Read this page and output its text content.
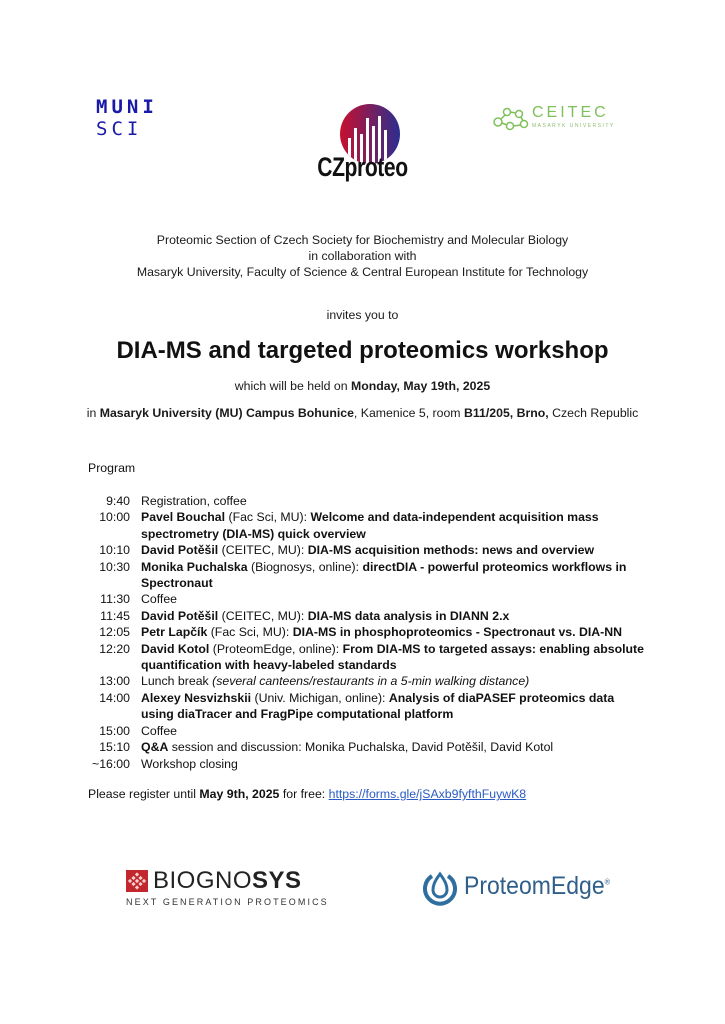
MUNI
SCI
CZproteo
CEITEC
MASARYK UNIVERSITY
Proteomic Section of Czech Society for Biochemistry and Molecular Biology
in collaboration with
Masaryk University, Faculty of Science & Central European Institute for Technology
invites you to
DIA-MS and targeted proteomics workshop
which will be held on Monday, May 19th, 2025
in Masaryk University (MU) Campus Bohunice, Kamenice 5, room B11/205, Brno, Czech Republic
Program
9:40 Registration, coffee
10:00 Pavel Bouchal (Fac Sci, MU): Welcome and data-independent acquisition mass spectrometry (DIA-MS) quick overview
10:10 David Potěšil (CEITEC, MU): DIA-MS acquisition methods: news and overview
10:30 Monika Puchalska (Biognosys, online): directDIA - powerful proteomics workflows in Spectronaut
11:30 Coffee
11:45 David Potěšil (CEITEC, MU): DIA-MS data analysis in DIANN 2.x
12:05 Petr Lapčík (Fac Sci, MU): DIA-MS in phosphoproteomics - Spectronaut vs. DIA-NN
12:20 David Kotol (ProteomEdge, online): From DIA-MS to targeted assays: enabling absolute quantification with heavy-labeled standards
13:00 Lunch break (several canteens/restaurants in a 5-min walking distance)
14:00 Alexey Nesvizhskii (Univ. Michigan, online): Analysis of diaPASEF proteomics data using diaTracer and FragPipe computational platform
15:00 Coffee
15:10 Q&A session and discussion: Monika Puchalska, David Potěšil, David Kotol
~16:00 Workshop closing
Please register until May 9th, 2025 for free: https://forms.gle/jSAxb9fyfthFuywK8
BIOGNOSYS
NEXT GENERATION PROTEOMICS
ProteomEdge®
